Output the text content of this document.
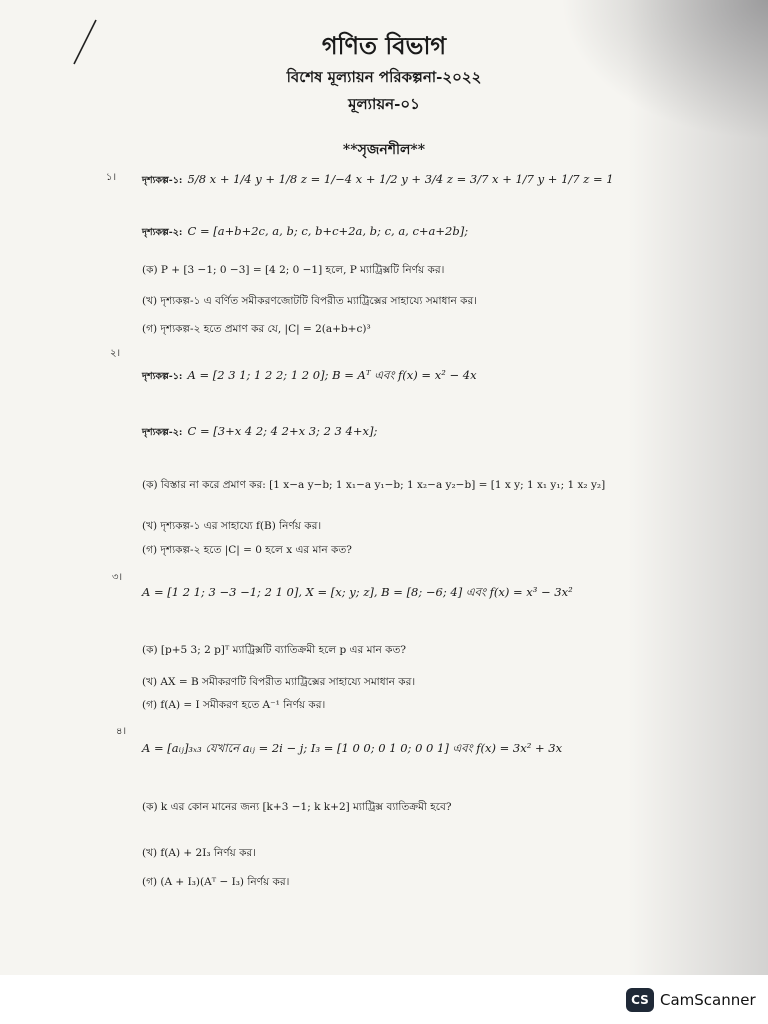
গণিত বিভাগ
বিশেষ মূল্যায়ন পরিকল্পনা-২০২২
মূল্যায়ন-০১
**সৃজনশীল**
১।	দৃশ্যকল্প-১: 5/8 x + 1/4 y + 1/8 z = 1/−4 x + 1/2 y + 3/4 z = 3/7 x + 1/7 y + 1/7 z = 1
দৃশ্যকল্প-২: C = [a+b+2c, a, b; c, b+c+2a, b; c, a, c+a+2b];
(ক) P + [3 −1; 0 −3] = [4 2; 0 −1] হলে, P ম্যাট্রিক্সটি নির্ণয় কর।
(খ) দৃশ্যকল্প-১ এ বর্ণিত সমীকরণজোটটি বিপরীত ম্যাট্রিক্সের সাহায্যে সমাধান কর।
(গ) দৃশ্যকল্প-২ হতে প্রমাণ কর যে, |C| = 2(a+b+c)³
২।
দৃশ্যকল্প-১: A = [2 3 1; 1 2 2; 1 2 0]; B = Aᵀ এবং f(x) = x² − 4x
দৃশ্যকল্প-২: C = [3+x 4 2; 4 2+x 3; 2 3 4+x];
(ক) বিস্তার না করে প্রমাণ কর: [1 x−a y−b; 1 x₁−a y₁−b; 1 x₂−a y₂−b] = [1 x y; 1 x₁ y₁; 1 x₂ y₂]
(খ) দৃশ্যকল্প-১ এর সাহায্যে f(B) নির্ণয় কর।
(গ) দৃশ্যকল্প-২ হতে |C| = 0 হলে x এর মান কত?
৩।
A = [1 2 1; 3 −3 −1; 2 1 0], X = [x; y; z], B = [8; −6; 4] এবং f(x) = x³ − 3x²
(ক) [p+5 3; 2 p]ᵀ ম্যাট্রিক্সটি ব্যাতিক্রমী হলে p এর মান কত?
(খ) AX = B সমীকরণটি বিপরীত ম্যাট্রিক্সের সাহায্যে সমাধান কর।
(গ) f(A) = I সমীকরণ হতে A⁻¹ নির্ণয় কর।
৪।
A = [aᵢⱼ]₃ₓ₃ যেখানে aᵢⱼ = 2i − j; I₃ = [1 0 0; 0 1 0; 0 0 1] এবং f(x) = 3x² + 3x
(ক) k এর কোন মানের জন্য [k+3 −1; k k+2] ম্যাট্রিক্স ব্যাতিক্রমী হবে?
(খ) f(A) + 2I₃ নির্ণয় কর।
(গ) (A + I₃)(Aᵀ − I₃) নির্ণয় কর।
CS CamScanner
